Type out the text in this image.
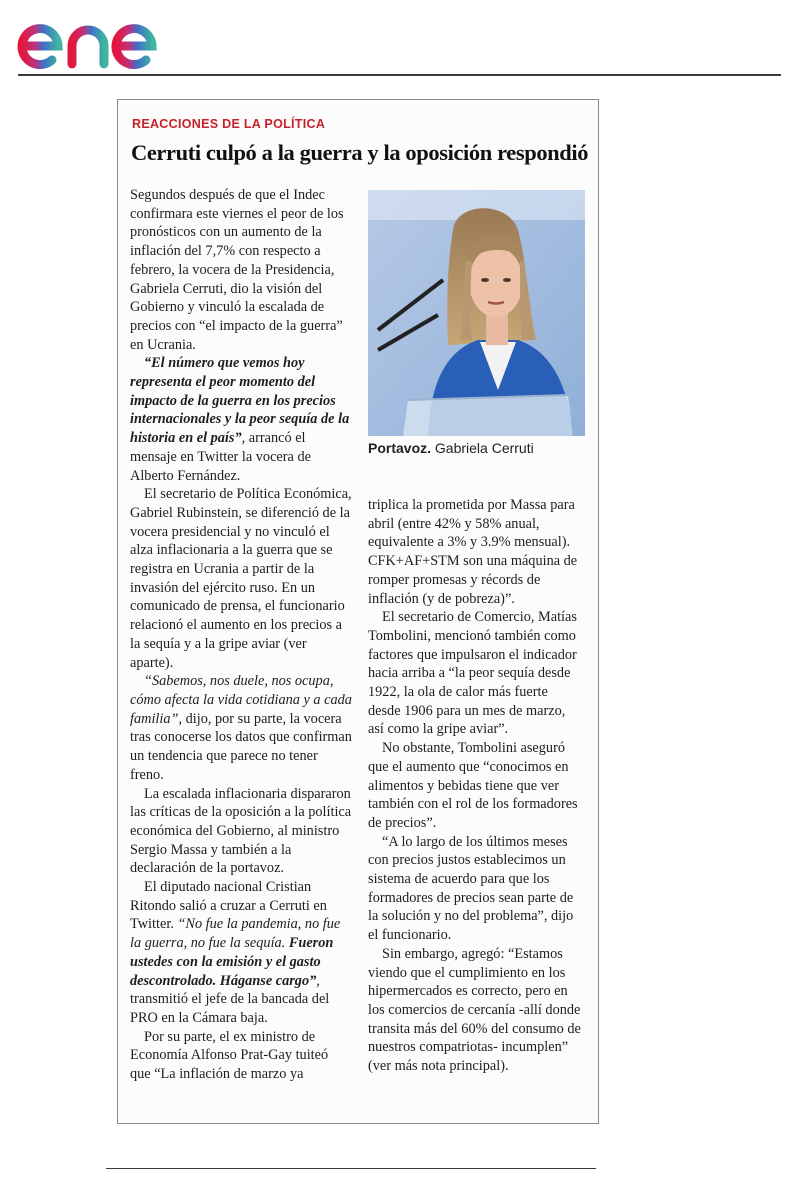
REACCIONES DE LA POLÍTICA
Cerruti culpó a la guerra y la oposición respondió

Segundos después de que el Indec confirmara este viernes el peor de los pronósticos con un aumento de la inflación del 7,7% con respecto a febrero, la vocera de la Presidencia, Gabriela Cerruti, dio la visión del Gobierno y vinculó la escalada de precios con “el impacto de la guerra” en Ucrania.

“El número que vemos hoy representa el peor momento del impacto de la guerra en los precios internacionales y la peor sequía de la historia en el país”, arrancó el mensaje en Twitter la vocera de Alberto Fernández.

El secretario de Política Económica, Gabriel Rubinstein, se diferenció de la vocera presidencial y no vinculó el alza inflacionaria a la guerra que se registra en Ucrania a partir de la invasión del ejército ruso. En un comunicado de prensa, el funcionario relacionó el aumento en los precios a la sequía y a la gripe aviar (ver aparte).

“Sabemos, nos duele, nos ocupa, cómo afecta la vida cotidiana y a cada familia”, dijo, por su parte, la vocera tras conocerse los datos que confirman un tendencia que parece no tener freno.

La escalada inflacionaria dispararon las críticas de la oposición a la política económica del Gobierno, al ministro Sergio Massa y también a la declaración de la portavoz.

El diputado nacional Cristian Ritondo salió a cruzar a Cerruti en Twitter. “No fue la pandemia, no fue la guerra, no fue la sequía. Fueron ustedes con la emisión y el gasto descontrolado. Háganse cargo”, transmitió el jefe de la bancada del PRO en la Cámara baja.

Por su parte, el ex ministro de Economía Alfonso Prat-Gay tuiteó que “La inflación de marzo ya

Portavoz. Gabriela Cerruti

triplica la prometida por Massa para abril (entre 42% y 58% anual, equivalente a 3% y 3.9% mensual). CFK+AF+STM son una máquina de romper promesas y récords de inflación (y de pobreza)”.

El secretario de Comercio, Matías Tombolini, mencionó también como factores que impulsaron el indicador hacia arriba a “la peor sequía desde 1922, la ola de calor más fuerte desde 1906 para un mes de marzo, así como la gripe aviar”.

No obstante, Tombolini aseguró que el aumento que “conocimos en alimentos y bebidas tiene que ver también con el rol de los formadores de precios”.

“A lo largo de los últimos meses con precios justos establecimos un sistema de acuerdo para que los formadores de precios sean parte de la solución y no del problema”, dijo el funcionario.

Sin embargo, agregó: “Estamos viendo que el cumplimiento en los hipermercados es correcto, pero en los comercios de cercanía -allí donde transita más del 60% del consumo de nuestros compatriotas- incumplen” (ver más nota principal).
